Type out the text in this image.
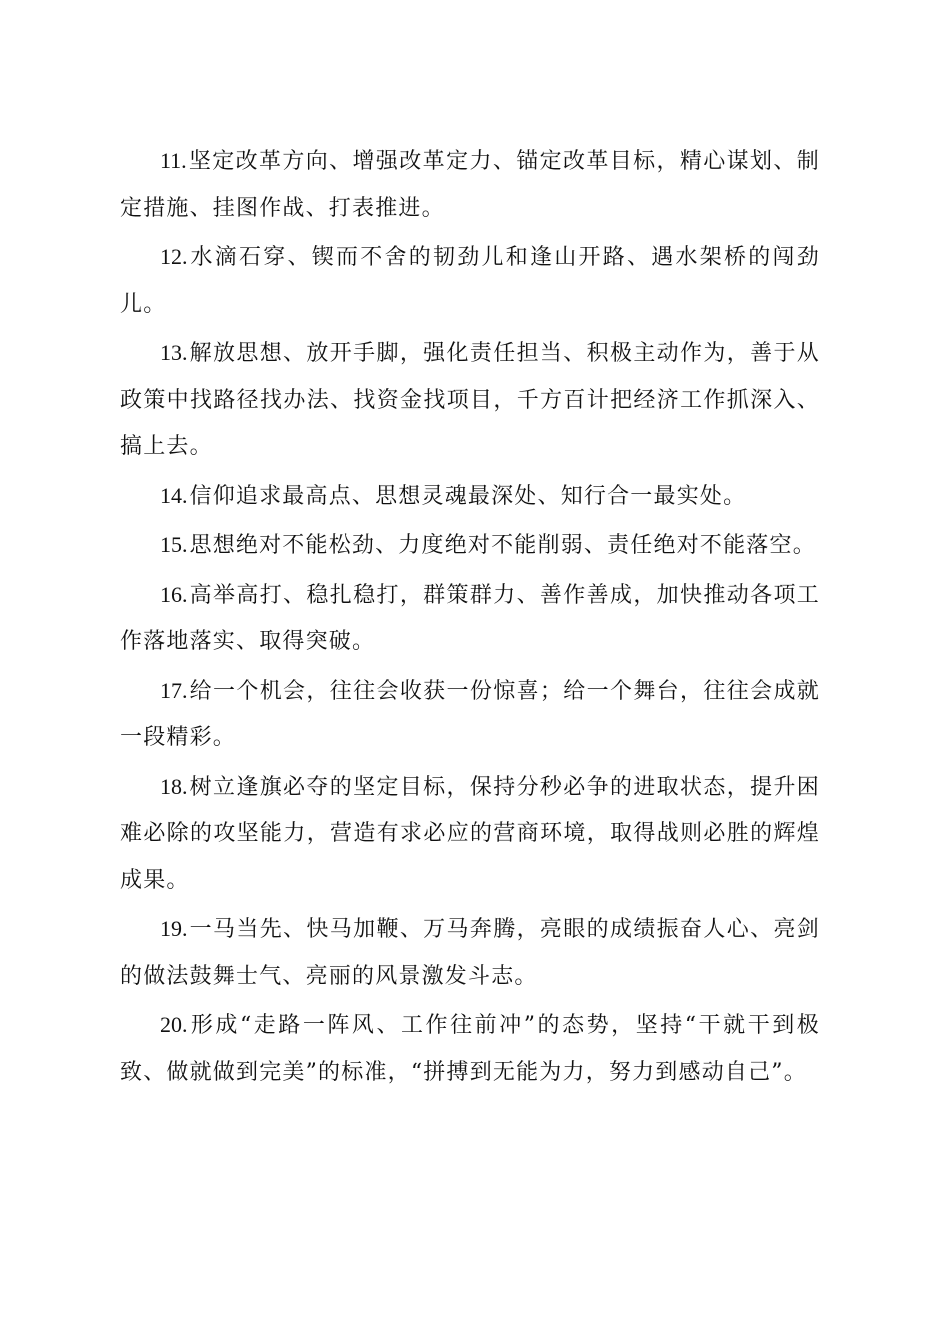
11.坚定改革方向、增强改革定力、锚定改革目标，精心谋划、制定措施、挂图作战、打表推进。

12.水滴石穿、锲而不舍的韧劲儿和逢山开路、遇水架桥的闯劲儿。

13.解放思想、放开手脚，强化责任担当、积极主动作为，善于从政策中找路径找办法、找资金找项目，千方百计把经济工作抓深入、搞上去。

14.信仰追求最高点、思想灵魂最深处、知行合一最实处。

15.思想绝对不能松劲、力度绝对不能削弱、责任绝对不能落空。

16.高举高打、稳扎稳打，群策群力、善作善成，加快推动各项工作落地落实、取得突破。

17.给一个机会，往往会收获一份惊喜；给一个舞台，往往会成就一段精彩。

18.树立逢旗必夺的坚定目标，保持分秒必争的进取状态，提升困难必除的攻坚能力，营造有求必应的营商环境，取得战则必胜的辉煌成果。

19.一马当先、快马加鞭、万马奔腾，亮眼的成绩振奋人心、亮剑的做法鼓舞士气、亮丽的风景激发斗志。

20.形成“走路一阵风、工作往前冲”的态势，坚持“干就干到极致、做就做到完美”的标准，“拼搏到无能为力，努力到感动自己”。
